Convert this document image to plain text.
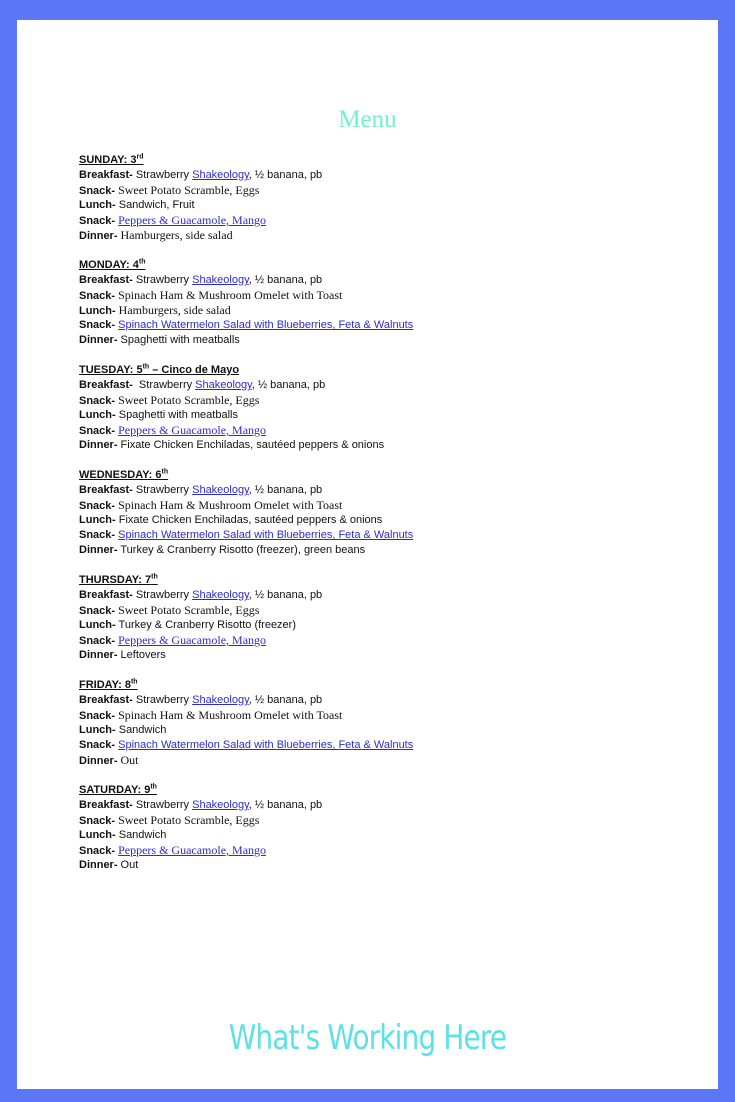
Menu
SUNDAY: 3rd
Breakfast- Strawberry Shakeology, ½ banana, pb
Snack- Sweet Potato Scramble, Eggs
Lunch- Sandwich, Fruit
Snack- Peppers & Guacamole, Mango
Dinner- Hamburgers, side salad
MONDAY: 4th
Breakfast- Strawberry Shakeology, ½ banana, pb
Snack- Spinach Ham & Mushroom Omelet with Toast
Lunch- Hamburgers, side salad
Snack- Spinach Watermelon Salad with Blueberries, Feta & Walnuts
Dinner- Spaghetti with meatballs
TUESDAY: 5th – Cinco de Mayo
Breakfast-  Strawberry Shakeology, ½ banana, pb
Snack- Sweet Potato Scramble, Eggs
Lunch- Spaghetti with meatballs
Snack- Peppers & Guacamole, Mango
Dinner- Fixate Chicken Enchiladas, sautéed peppers & onions
WEDNESDAY: 6th
Breakfast- Strawberry Shakeology, ½ banana, pb
Snack- Spinach Ham & Mushroom Omelet with Toast
Lunch- Fixate Chicken Enchiladas, sautéed peppers & onions
Snack- Spinach Watermelon Salad with Blueberries, Feta & Walnuts
Dinner- Turkey & Cranberry Risotto (freezer), green beans
THURSDAY: 7th
Breakfast- Strawberry Shakeology, ½ banana, pb
Snack- Sweet Potato Scramble, Eggs
Lunch- Turkey & Cranberry Risotto (freezer)
Snack- Peppers & Guacamole, Mango
Dinner- Leftovers
FRIDAY: 8th
Breakfast- Strawberry Shakeology, ½ banana, pb
Snack- Spinach Ham & Mushroom Omelet with Toast
Lunch- Sandwich
Snack- Spinach Watermelon Salad with Blueberries, Feta & Walnuts
Dinner- Out
SATURDAY: 9th
Breakfast- Strawberry Shakeology, ½ banana, pb
Snack- Sweet Potato Scramble, Eggs
Lunch- Sandwich
Snack- Peppers & Guacamole, Mango
Dinner- Out
What's Working Here
